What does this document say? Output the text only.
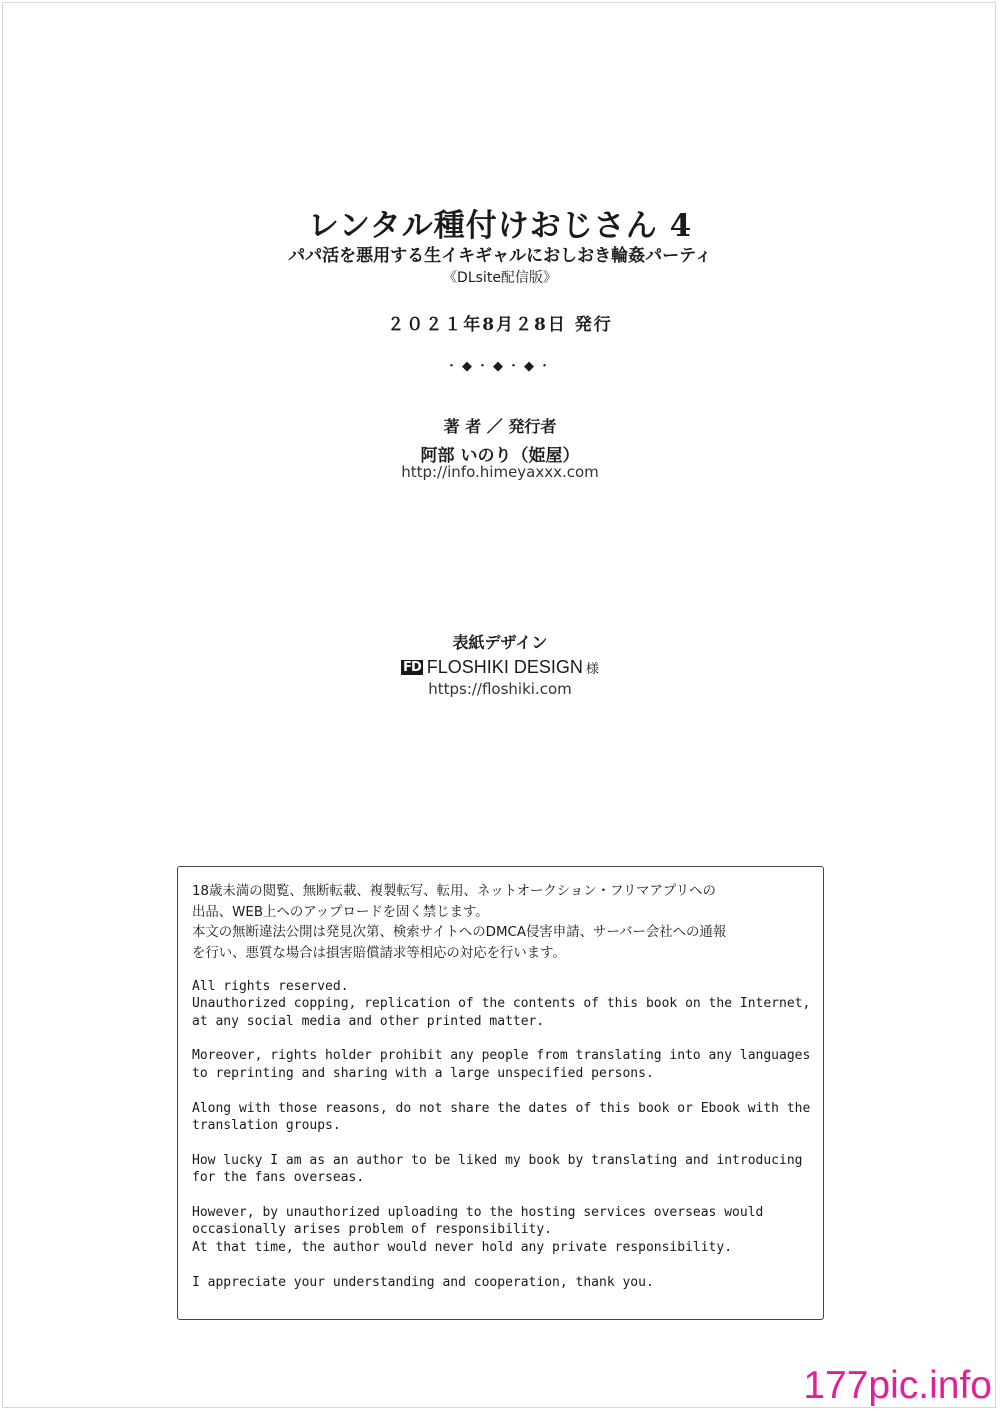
レンタル種付けおじさん 4
パパ活を悪用する生イキギャルにおしおき輪姦パーティ
《DLsite配信版》
２０２１年8月２8日 発行
・◆・◆・◆・
著 者 ／ 発行者
阿部 いのり（姫屋）
http://info.himeyaxxx.com
表紙デザイン
FD FLOSHIKI DESIGN 様
https://floshiki.com
18歳未満の閲覧、無断転載、複製転写、転用、ネットオークション・フリマアプリへの
出品、WEB上へのアップロードを固く禁じます。
本文の無断違法公開は発見次第、検索サイトへのDMCA侵害申請、サーバー会社への通報
を行い、悪質な場合は損害賠償請求等相応の対応を行います。
All rights reserved.
Unauthorized copping, replication of the contents of this book on the Internet,
at any social media and other printed matter.
Moreover, rights holder prohibit any people from translating into any languages
to reprinting and sharing with a large unspecified persons.
Along with those reasons, do not share the dates of this book or Ebook with the
translation groups.
How lucky I am as an author to be liked my book by translating and introducing
for the fans overseas.
However, by unauthorized uploading to the hosting services overseas would
occasionally arises problem of responsibility.
At that time, the author would never hold any private responsibility.
I appreciate your understanding and cooperation, thank you.
177pic.info
